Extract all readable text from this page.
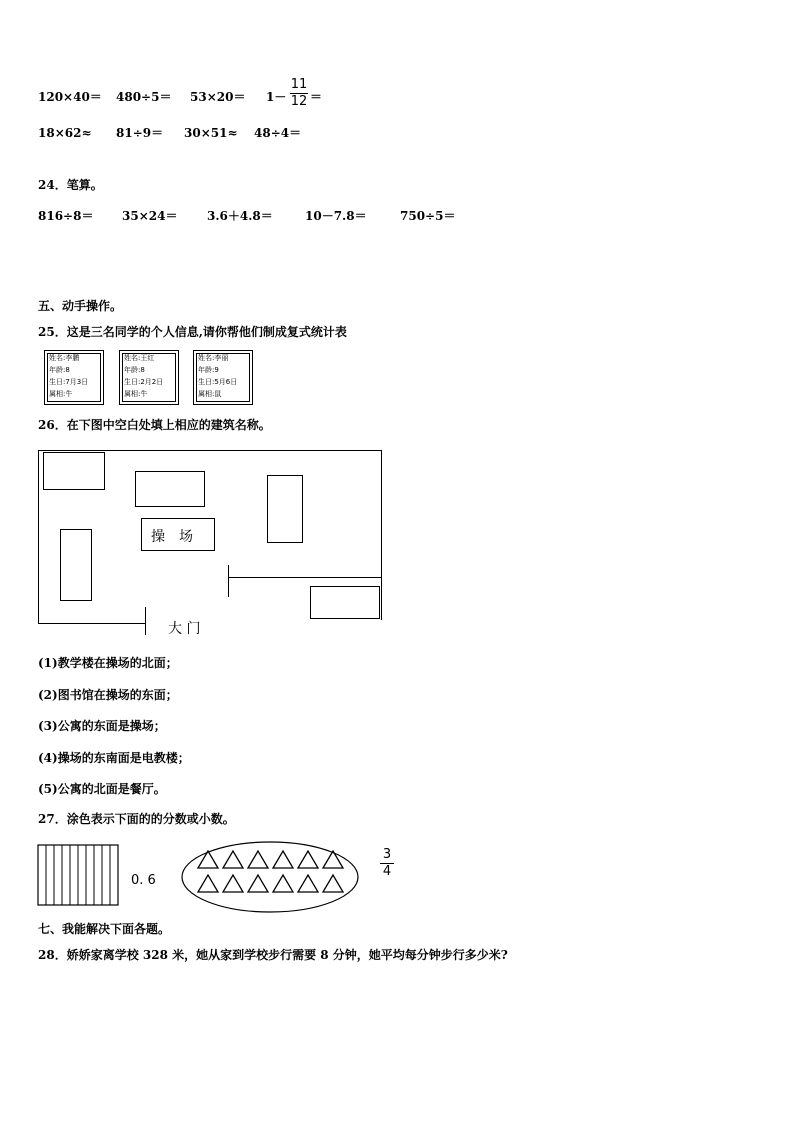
120×40＝ 480÷5＝ 53×20＝ 1－
11
12 ＝
18×62≈ 81÷9＝ 30×51≈ 48÷4＝
24．笔算。
816÷8＝ 35×24＝ 3.6＋4.8＝	10－7.8＝	750÷5＝
五、动手操作。
25．这是三名同学的个人信息,请你帮他们制成复式统计表
姓名:李鹏
年龄:8
生日:7月3日
属相:牛
姓名:王红
年龄:8
生日:2月2日
属相:牛
姓名:李丽
年龄:9
生日:5月6日
属相:鼠
26．在下图中空白处填上相应的建筑名称。
操　场
大 门
(1)教学楼在操场的北面；
(2)图书馆在操场的东面；
(3)公寓的东面是操场；
(4)操场的东南面是电教楼；
(5)公寓的北面是餐厅。
27．涂色表示下面的的分数或小数。
0. 6
3
4
七、我能解决下面各题。
28．娇娇家离学校 328 米，她从家到学校步行需要 8 分钟，她平均每分钟步行多少米?
